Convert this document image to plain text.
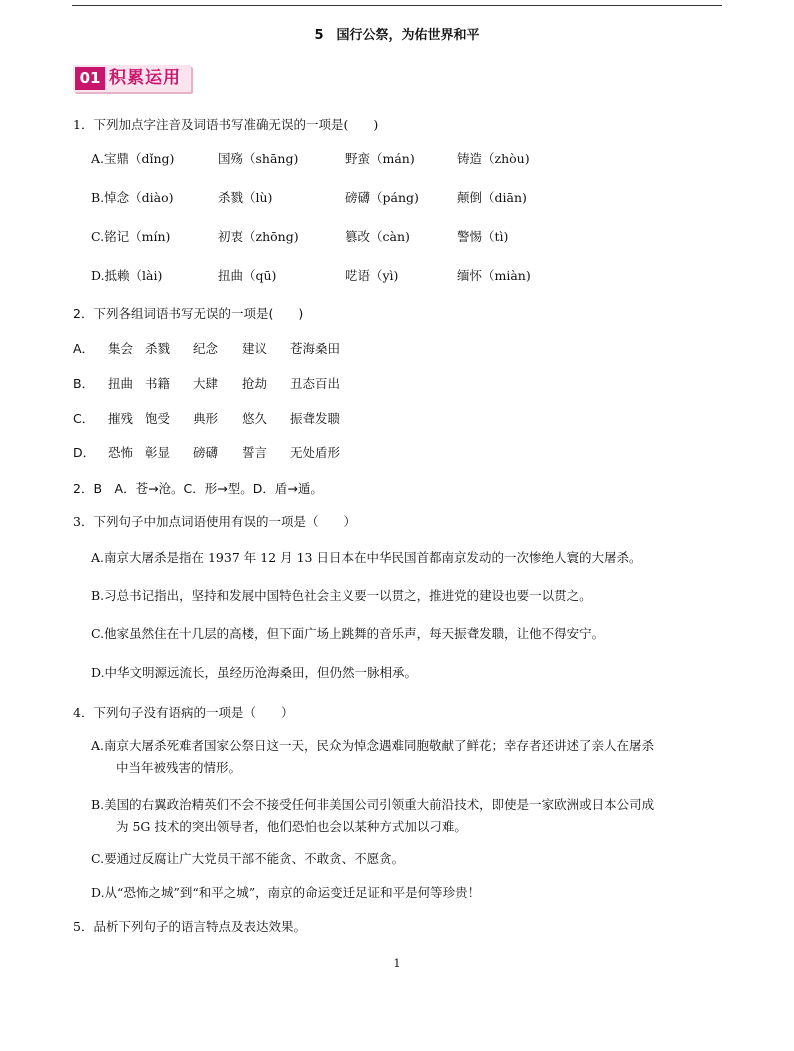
5　国行公祭，为佑世界和平
01 积累运用
1．下列加点字注音及词语书写准确无误的一项是(　　)
A.宝鼎（dǐng)	国殇（shāng)	野蛮（mán)	铸造（zhòu)
B.悼念（diào)	杀戮（lù)	磅礴（páng)	颠倒（diān)
C.铭记（mín)	初衷（zhōng)	篡改（càn)	警惕（tì)
D.抵赖（lài)	扭曲（qū)	呓语（yì)	缅怀（miàn)
2．下列各组词语书写无误的一项是(　　)
A． 集会 杀戮 纪念 建议 苍海桑田
B． 扭曲 书籍 大肆 抢劫 丑态百出
C． 摧残 饱受 典形 悠久 振聋发聩
D． 恐怖 彰显 磅礴 誓言 无处盾形
2．B　A．苍→沧。C．形→型。D．盾→遁。
3．下列句子中加点词语使用有误的一项是（　　）
A.南京大屠杀是指在 1937 年 12 月 13 日日本在中华民国首都南京发动的一次惨绝人寰的大屠杀。
B.习总书记指出，坚持和发展中国特色社会主义要一以贯之，推进党的建设也要一以贯之。
C.他家虽然住在十几层的高楼，但下面广场上跳舞的音乐声，每天振聋发聩，让他不得安宁。
D.中华文明源远流长，虽经历沧海桑田，但仍然一脉相承。
4．下列句子没有语病的一项是（　　）
A.南京大屠杀死难者国家公祭日这一天，民众为悼念遇难同胞敬献了鲜花；幸存者还讲述了亲人在屠杀
中当年被残害的情形。
B.美国的右翼政治精英们不会不接受任何非美国公司引领重大前沿技术，即使是一家欧洲或日本公司成
为 5G 技术的突出领导者，他们恐怕也会以某种方式加以刁难。
C.要通过反腐让广大党员干部不能贪、不敢贪、不愿贪。
D.从“恐怖之城”到“和平之城”，南京的命运变迁足证和平是何等珍贵！
5．品析下列句子的语言特点及表达效果。
1
